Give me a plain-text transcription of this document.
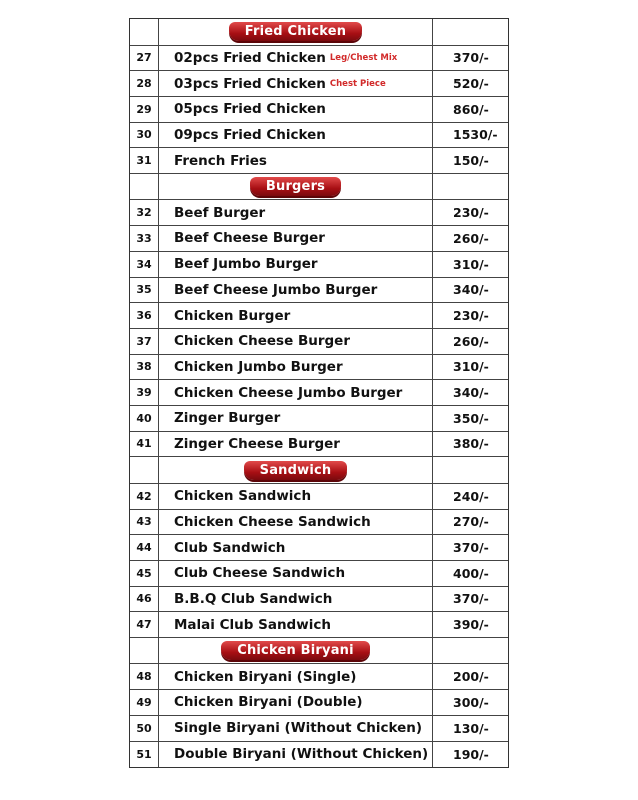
Fried Chicken
27	02pcs Fried Chicken Leg/Chest Mix	370/-
28	03pcs Fried Chicken Chest Piece	520/-
29	05pcs Fried Chicken	860/-
30	09pcs Fried Chicken	1530/-
31	French Fries	150/-
Burgers
32	Beef Burger	230/-
33	Beef Cheese Burger	260/-
34	Beef Jumbo Burger	310/-
35	Beef Cheese Jumbo Burger	340/-
36	Chicken Burger	230/-
37	Chicken Cheese Burger	260/-
38	Chicken Jumbo Burger	310/-
39	Chicken Cheese Jumbo Burger	340/-
40	Zinger Burger	350/-
41	Zinger Cheese Burger	380/-
Sandwich
42	Chicken Sandwich	240/-
43	Chicken Cheese Sandwich	270/-
44	Club Sandwich	370/-
45	Club Cheese Sandwich	400/-
46	B.B.Q Club Sandwich	370/-
47	Malai Club Sandwich	390/-
Chicken Biryani
48	Chicken Biryani (Single)	200/-
49	Chicken Biryani (Double)	300/-
50	Single Biryani (Without Chicken)	130/-
51	Double Biryani (Without Chicken)	190/-
